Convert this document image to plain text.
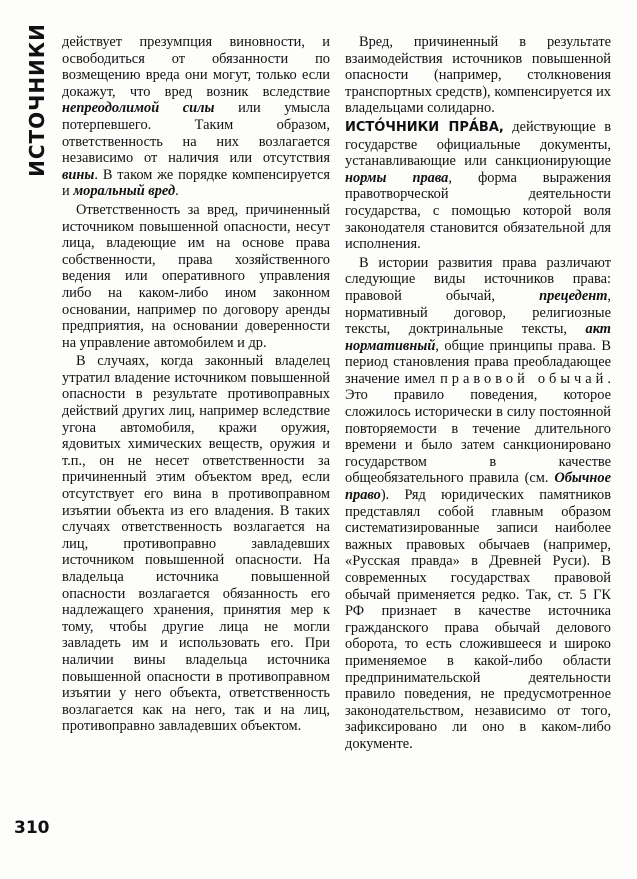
ИСТОЧНИКИ действует презумпция виновности, и освободиться от обязанности по возмещению вреда они могут, только если докажут, что вред возник вследствие непреодолимой силы или умысла потерпевшего. Таким образом, ответственность на них возлагается независимо от наличия или отсутствия вины. В таком же порядке компенсируется и моральный вред.

Ответственность за вред, причиненный источником повышенной опасности, несут лица, владеющие им на основе права собственности, права хозяйственного ведения или оперативного управления либо на каком-либо ином законном основании, например по договору аренды предприятия, на основании доверенности на управление автомобилем и др.

В случаях, когда законный владелец утратил владение источником повышенной опасности в результате противоправных действий других лиц, например вследствие угона автомобиля, кражи оружия, ядовитых химических веществ, оружия и т.п., он не несет ответственности за причиненный этим объектом вред, если отсутствует его вина в противоправном изъятии объекта из его владения. В таких случаях ответственность возлагается на лиц, противоправно завладевших источником повышенной опасности. На владельца источника повышенной опасности возлагается обязанность его надлежащего хранения, принятия мер к тому, чтобы другие лица не могли завладеть им и использовать его. При наличии вины владельца источника повышенной опасности в противоправном изъятии у него объекта, ответственность возлагается как на него, так и на лиц, противоправно завладевших объектом.

Вред, причиненный в результате взаимодействия источников повышенной опасности (например, столкновения транспортных средств), компенсируется их владельцами солидарно.

ИСТО́ЧНИКИ ПРА́ВА, действующие в государстве официальные документы, устанавливающие или санкционирующие нормы права, форма выражения правотворческой деятельности государства, с помощью которой воля законодателя становится обязательной для исполнения.

В истории развития права различают следующие виды источников права: правовой обычай, прецедент, нормативный договор, религиозные тексты, доктринальные тексты, акт нормативный, общие принципы права. В период становления права преобладающее значение имел правовой обычай. Это правило поведения, которое сложилось исторически в силу постоянной повторяемости в течение длительного времени и было затем санкционировано государством в качестве общеобязательного правила (см. Обычное право). Ряд юридических памятников представлял собой главным образом систематизированные записи наиболее важных правовых обычаев (например, «Русская правда» в Древней Руси). В современных государствах правовой обычай применяется редко. Так, ст. 5 ГК РФ признает в качестве источника гражданского права обычай делового оборота, то есть сложившееся и широко применяемое в какой-либо области предпринимательской деятельности правило поведения, не предусмотренное законодательством, независимо от того, зафиксировано ли оно в каком-либо документе.

310
